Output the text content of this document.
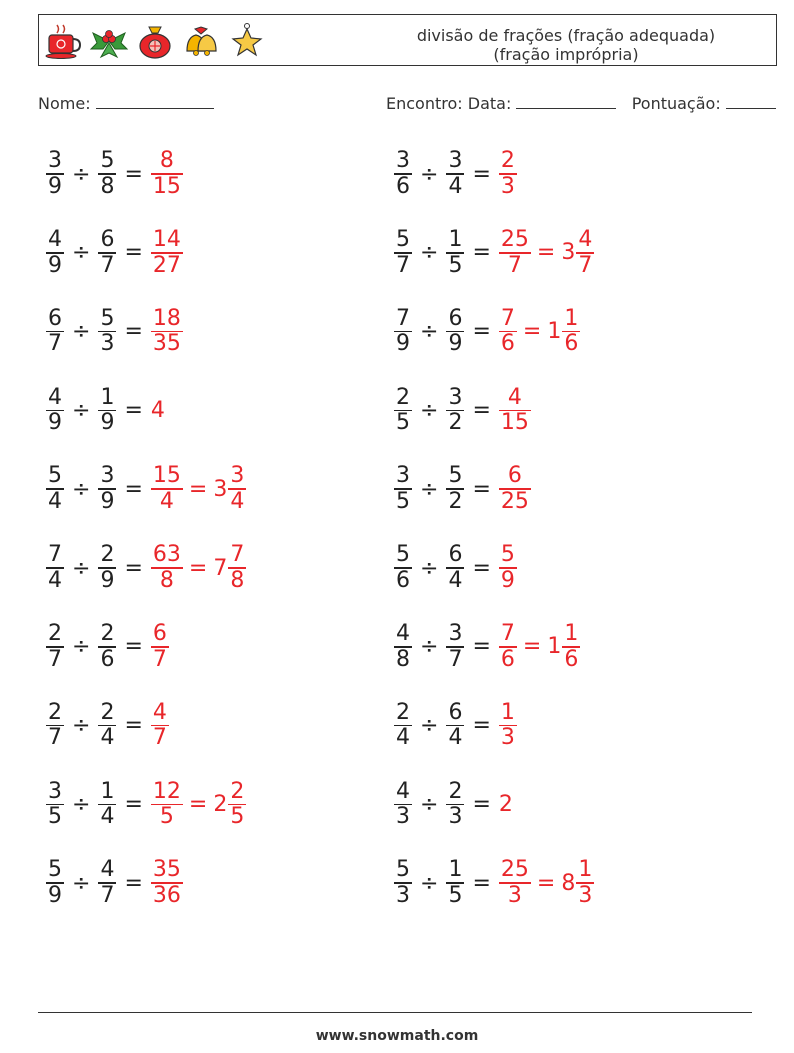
divisão de frações (fração adequada)
(fração imprópria)
Nome:	Encontro: Data:	Pontuação:
$\frac{3}{9} \div \frac{5}{8} = \frac{8}{15}$	$\frac{3}{6} \div \frac{3}{4} = \frac{2}{3}$
$\frac{4}{9} \div \frac{6}{7} = \frac{14}{27}$	$\frac{5}{7} \div \frac{1}{5} = \frac{25}{7} = 3 \frac{4}{7}$
$\frac{6}{7} \div \frac{5}{3} = \frac{18}{35}$	$\frac{7}{9} \div \frac{6}{9} = \frac{7}{6} = 1 \frac{1}{6}$
$\frac{4}{9} \div \frac{1}{9} = 4$	$\frac{2}{5} \div \frac{3}{2} = \frac{4}{15}$
$\frac{5}{4} \div \frac{3}{9} = \frac{15}{4} = 3 \frac{3}{4}$	$\frac{3}{5} \div \frac{5}{2} = \frac{6}{25}$
$\frac{7}{4} \div \frac{2}{9} = \frac{63}{8} = 7 \frac{7}{8}$	$\frac{5}{6} \div \frac{6}{4} = \frac{5}{9}$
$\frac{2}{7} \div \frac{2}{6} = \frac{6}{7}$	$\frac{4}{8} \div \frac{3}{7} = \frac{7}{6} = 1 \frac{1}{6}$
$\frac{2}{7} \div \frac{2}{4} = \frac{4}{7}$	$\frac{2}{4} \div \frac{6}{4} = \frac{1}{3}$
$\frac{3}{5} \div \frac{1}{4} = \frac{12}{5} = 2 \frac{2}{5}$	$\frac{4}{3} \div \frac{2}{3} = 2$
$\frac{5}{9} \div \frac{4}{7} = \frac{35}{36}$	$\frac{5}{3} \div \frac{1}{5} = \frac{25}{3} = 8 \frac{1}{3}$
www.snowmath.com
